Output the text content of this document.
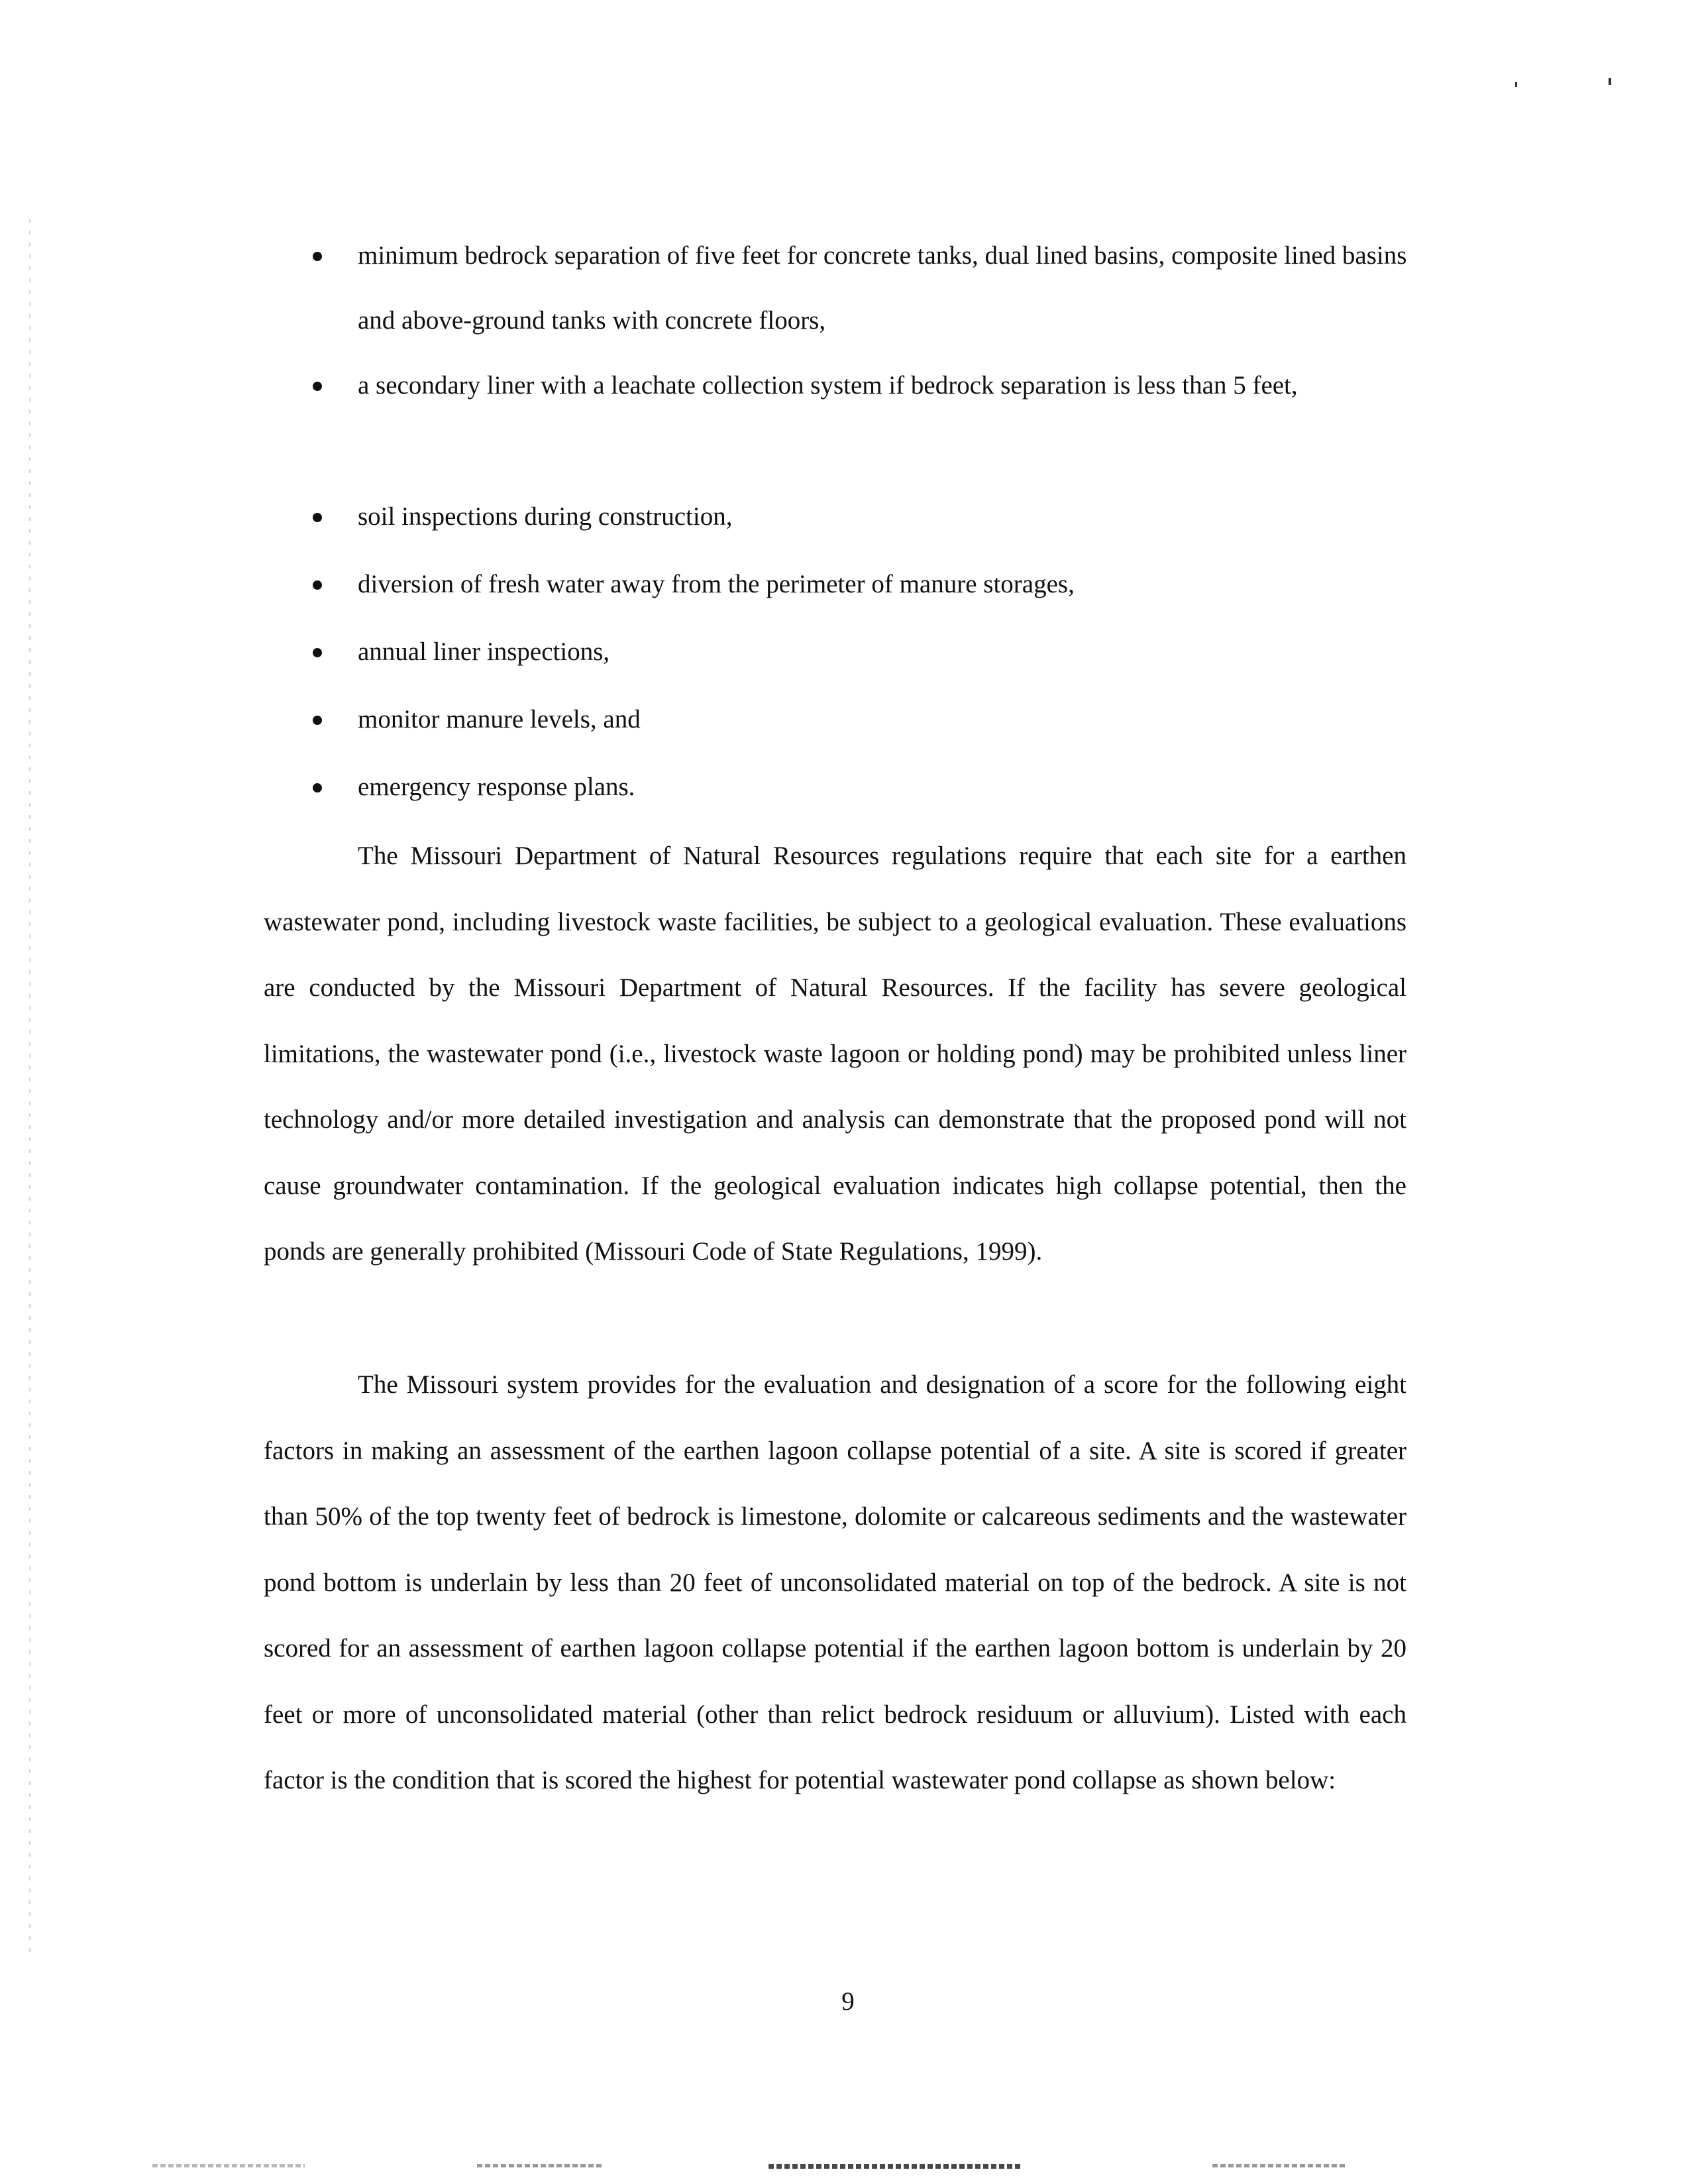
minimum bedrock separation of five feet for concrete tanks, dual lined basins, composite lined basins and above-ground tanks with concrete floors,
a secondary liner with a leachate collection system if bedrock separation is less than 5 feet,
soil inspections during construction,
diversion of fresh water away from the perimeter of manure storages,
annual liner inspections,
monitor manure levels, and
emergency response plans.

The Missouri Department of Natural Resources regulations require that each site for a earthen wastewater pond, including livestock waste facilities, be subject to a geological evaluation. These evaluations are conducted by the Missouri Department of Natural Resources. If the facility has severe geological limitations, the wastewater pond (i.e., livestock waste lagoon or holding pond) may be prohibited unless liner technology and/or more detailed investigation and analysis can demonstrate that the proposed pond will not cause groundwater contamination. If the geological evaluation indicates high collapse potential, then the ponds are generally prohibited (Missouri Code of State Regulations, 1999).

The Missouri system provides for the evaluation and designation of a score for the following eight factors in making an assessment of the earthen lagoon collapse potential of a site. A site is scored if greater than 50% of the top twenty feet of bedrock is limestone, dolomite or calcareous sediments and the wastewater pond bottom is underlain by less than 20 feet of unconsolidated material on top of the bedrock. A site is not scored for an assessment of earthen lagoon collapse potential if the earthen lagoon bottom is underlain by 20 feet or more of unconsolidated material (other than relict bedrock residuum or alluvium). Listed with each factor is the condition that is scored the highest for potential wastewater pond collapse as shown below:

9
